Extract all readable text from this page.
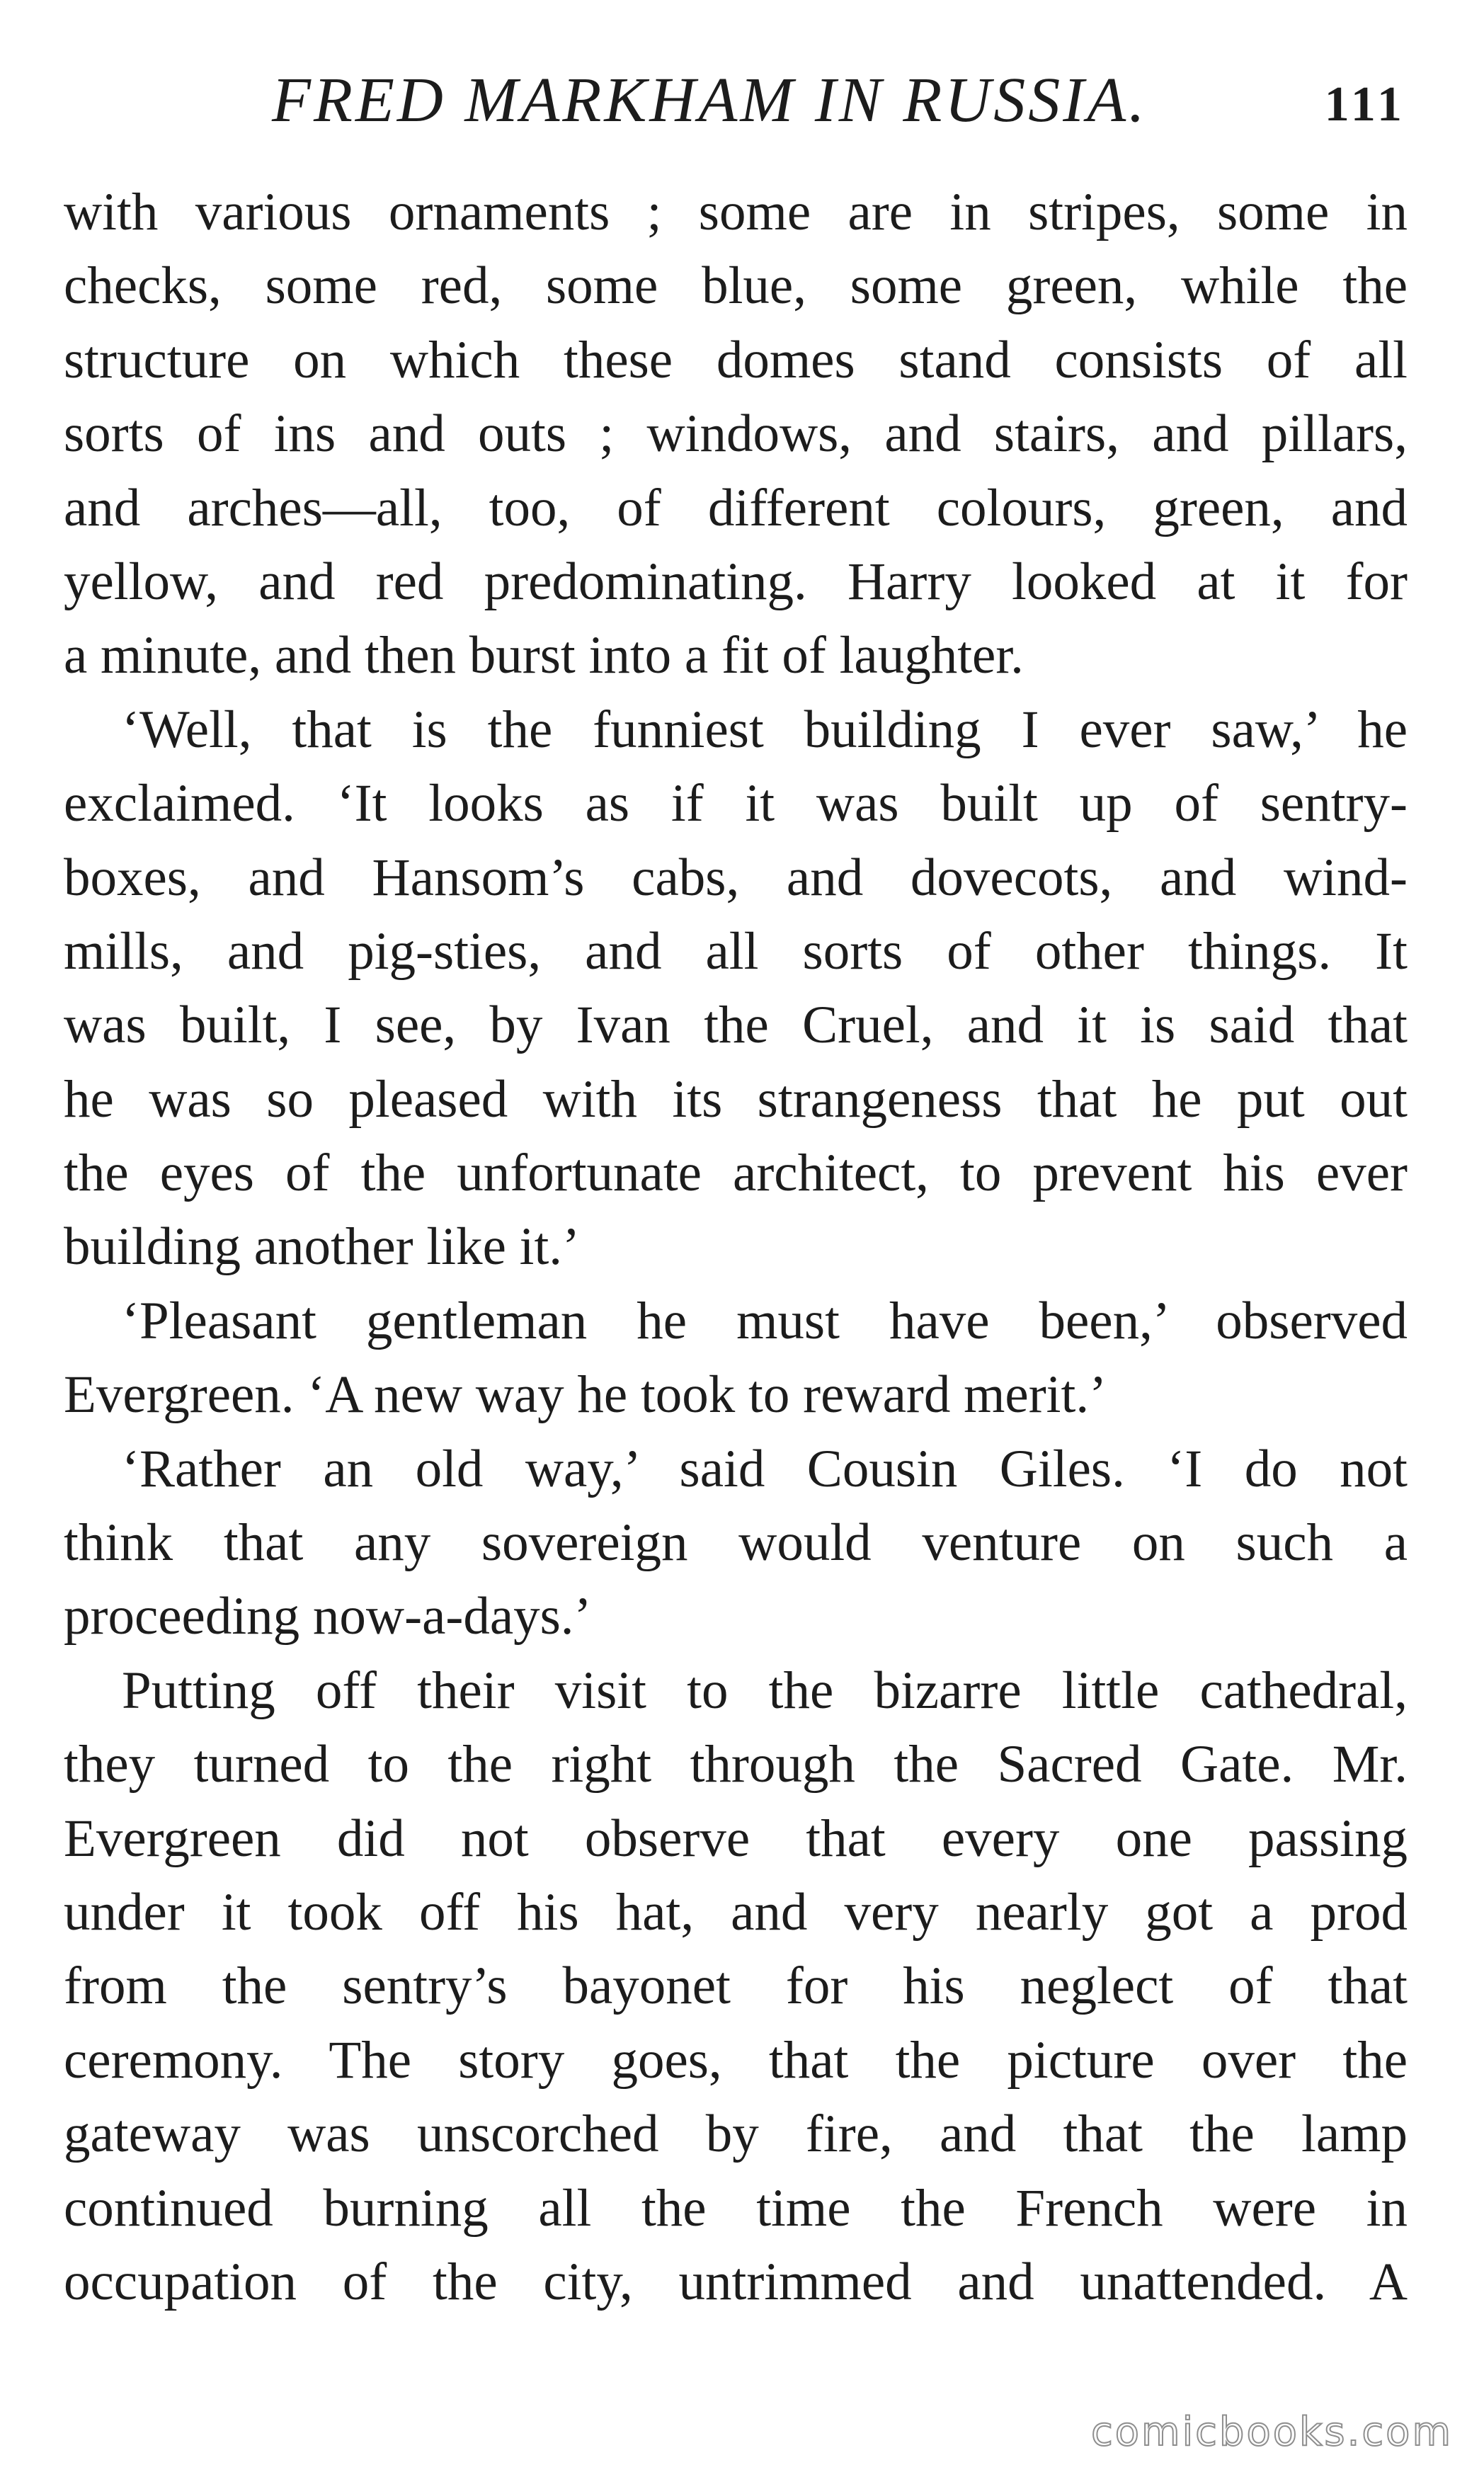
FRED MARKHAM IN RUSSIA.	111
with various ornaments ; some are in stripes, some in
checks, some red, some blue, some green, while the
structure on which these domes stand consists of all
sorts of ins and outs ; windows, and stairs, and pillars,
and arches—all, too, of different colours, green, and
yellow, and red predominating. Harry looked at it for
a minute, and then burst into a fit of laughter.
‘Well, that is the funniest building I ever saw,’ he
exclaimed. ‘It looks as if it was built up of sentry-
boxes, and Hansom’s cabs, and dovecots, and wind-
mills, and pig-sties, and all sorts of other things. It
was built, I see, by Ivan the Cruel, and it is said that
he was so pleased with its strangeness that he put out
the eyes of the unfortunate architect, to prevent his ever
building another like it.’
‘Pleasant gentleman he must have been,’ observed
Evergreen. ‘A new way he took to reward merit.’
‘Rather an old way,’ said Cousin Giles. ‘I do not
think that any sovereign would venture on such a
proceeding now-a-days.’
Putting off their visit to the bizarre little cathedral,
they turned to the right through the Sacred Gate. Mr.
Evergreen did not observe that every one passing
under it took off his hat, and very nearly got a prod
from the sentry’s bayonet for his neglect of that
ceremony. The story goes, that the picture over the
gateway was unscorched by fire, and that the lamp
continued burning all the time the French were in
occupation of the city, untrimmed and unattended. A
comicbooks.com
